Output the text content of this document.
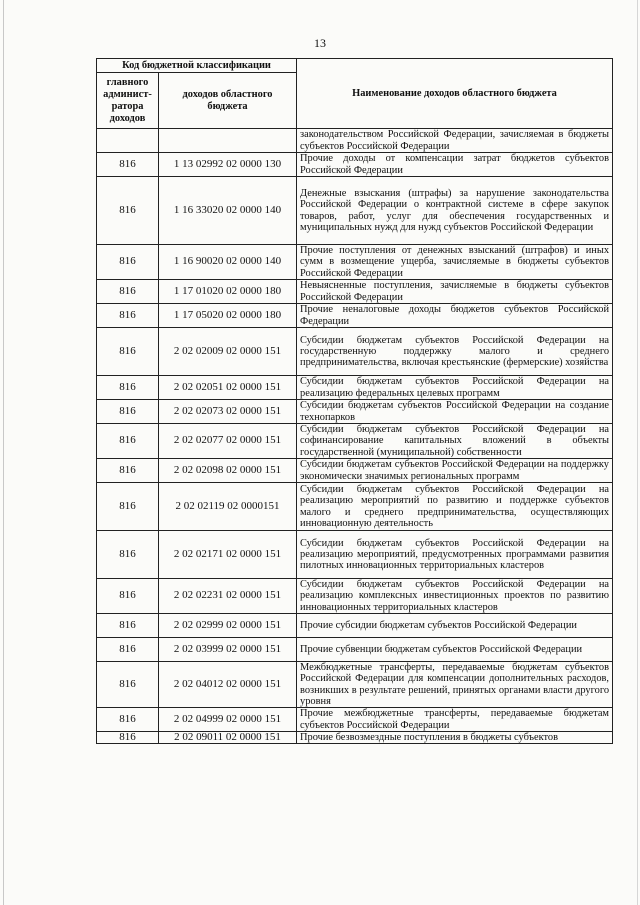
13
Код бюджетной классификации		Наименование доходов областного бюджета
главного админист-ратора доходов	доходов областного бюджета	
		законодательством Российской Федерации, зачисляемая в бюджеты субъектов Российской Федерации
816	1 13 02992 02 0000 130	Прочие доходы от компенсации затрат бюджетов субъектов Российской Федерации
816	1 16 33020 02 0000 140	Денежные взыскания (штрафы) за нарушение законодательства Российской Федерации о контрактной системе в сфере закупок товаров, работ, услуг для обеспечения государственных и муниципальных нужд для нужд субъектов Российской Федерации
816	1 16 90020 02 0000 140	Прочие поступления от денежных взысканий (штрафов) и иных сумм в возмещение ущерба, зачисляемые в бюджеты субъектов Российской Федерации
816	1 17 01020 02 0000 180	Невыясненные поступления, зачисляемые в бюджеты субъектов Российской Федерации
816	1 17 05020 02 0000 180	Прочие неналоговые доходы бюджетов субъектов Российской Федерации
816	2 02 02009 02 0000 151	Субсидии бюджетам субъектов Российской Федерации на государственную поддержку малого и среднего предпринимательства, включая крестьянские (фермерские) хозяйства
816	2 02 02051 02 0000 151	Субсидии бюджетам субъектов Российской Федерации на реализацию федеральных целевых программ
816	2 02 02073 02 0000 151	Субсидии бюджетам субъектов Российской Федерации на создание технопарков
816	2 02 02077 02 0000 151	Субсидии бюджетам субъектов Российской Федерации на софинансирование капитальных вложений в объекты государственной (муниципальной) собственности
816	2 02 02098 02 0000 151	Субсидии бюджетам субъектов Российской Федерации на поддержку экономически значимых региональных программ
816	2 02 02119 02 0000151	Субсидии бюджетам субъектов Российской Федерации на реализацию мероприятий по развитию и поддержке субъектов малого и среднего предпринимательства, осуществляющих инновационную деятельность
816	2 02 02171 02 0000 151	Субсидии бюджетам субъектов Российской Федерации на реализацию мероприятий, предусмотренных программами развития пилотных инновационных территориальных кластеров
816	2 02 02231 02 0000 151	Субсидии бюджетам субъектов Российской Федерации на реализацию комплексных инвестиционных проектов по развитию инновационных территориальных кластеров
816	2 02 02999 02 0000 151	Прочие субсидии бюджетам субъектов Российской Федерации
816	2 02 03999 02 0000 151	Прочие субвенции бюджетам субъектов Российской Федерации
816	2 02 04012 02 0000 151	Межбюджетные трансферты, передаваемые бюджетам субъектов Российской Федерации для компенсации дополнительных расходов, возникших в результате решений, принятых органами власти другого уровня
816	2 02 04999 02 0000 151	Прочие межбюджетные трансферты, передаваемые бюджетам субъектов Российской Федерации
816	2 02 09011 02 0000 151	Прочие безвозмездные поступления в бюджеты субъектов
